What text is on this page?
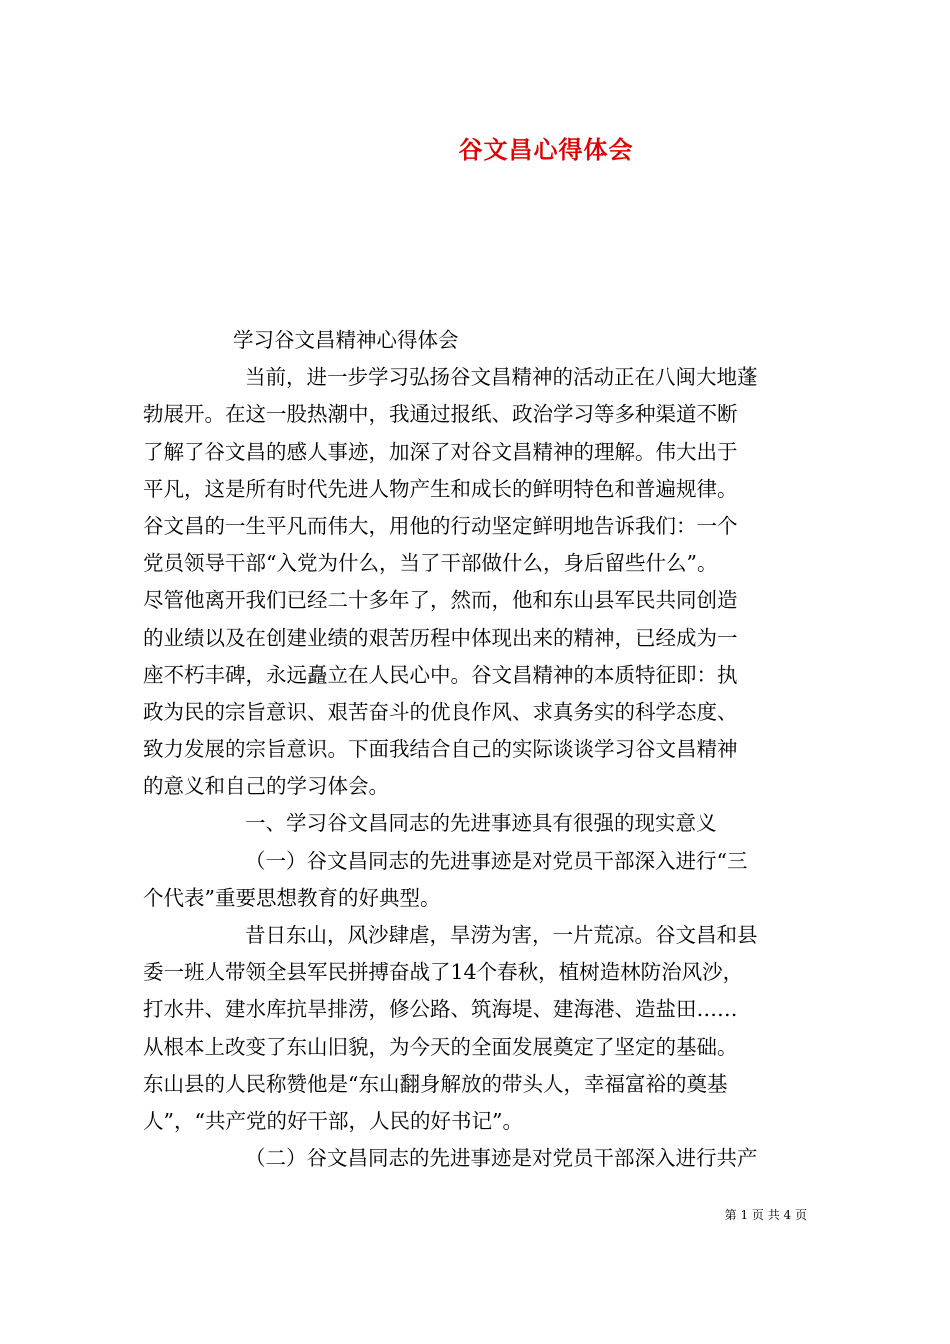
谷文昌心得体会
学习谷文昌精神心得体会
当前，进一步学习弘扬谷文昌精神的活动正在八闽大地蓬
勃展开。在这一股热潮中，我通过报纸、政治学习等多种渠道不断
了解了谷文昌的感人事迹，加深了对谷文昌精神的理解。伟大出于
平凡，这是所有时代先进人物产生和成长的鲜明特色和普遍规律。
谷文昌的一生平凡而伟大，用他的行动坚定鲜明地告诉我们：一个
党员领导干部“入党为什么，当了干部做什么，身后留些什么”。
尽管他离开我们已经二十多年了，然而，他和东山县军民共同创造
的业绩以及在创建业绩的艰苦历程中体现出来的精神，已经成为一
座不朽丰碑，永远矗立在人民心中。谷文昌精神的本质特征即：执
政为民的宗旨意识、艰苦奋斗的优良作风、求真务实的科学态度、
致力发展的宗旨意识。下面我结合自己的实际谈谈学习谷文昌精神
的意义和自己的学习体会。
一、学习谷文昌同志的先进事迹具有很强的现实意义
（一）谷文昌同志的先进事迹是对党员干部深入进行“三
个代表”重要思想教育的好典型。
昔日东山，风沙肆虐，旱涝为害，一片荒凉。谷文昌和县
委一班人带领全县军民拼搏奋战了14个春秋，植树造林防治风沙，
打水井、建水库抗旱排涝，修公路、筑海堤、建海港、造盐田……
从根本上改变了东山旧貌，为今天的全面发展奠定了坚定的基础。
东山县的人民称赞他是“东山翻身解放的带头人，幸福富裕的奠基
人”，“共产党的好干部，人民的好书记”。
（二）谷文昌同志的先进事迹是对党员干部深入进行共产
第 1 页 共 4 页
